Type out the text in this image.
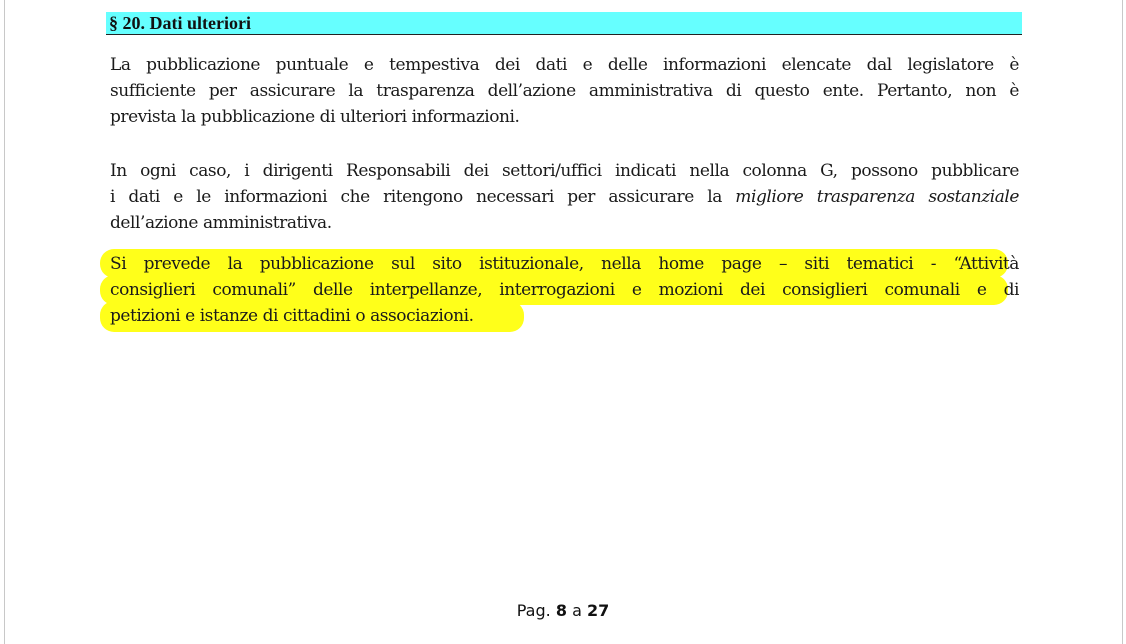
§ 20. Dati ulteriori
La pubblicazione puntuale e tempestiva dei dati e delle informazioni elencate dal legislatore è
sufficiente per assicurare la trasparenza dell’azione amministrativa di questo ente. Pertanto, non è
prevista la pubblicazione di ulteriori informazioni.
In ogni caso, i dirigenti Responsabili dei settori/uffici indicati nella colonna G, possono pubblicare
i dati e le informazioni che ritengono necessari per assicurare la migliore trasparenza sostanziale
dell’azione amministrativa.
Si prevede la pubblicazione sul sito istituzionale, nella home page – siti tematici - “Attività
consiglieri comunali” delle interpellanze, interrogazioni e mozioni dei consiglieri comunali e di
petizioni e istanze di cittadini o associazioni.
Pag. 8 a 27
